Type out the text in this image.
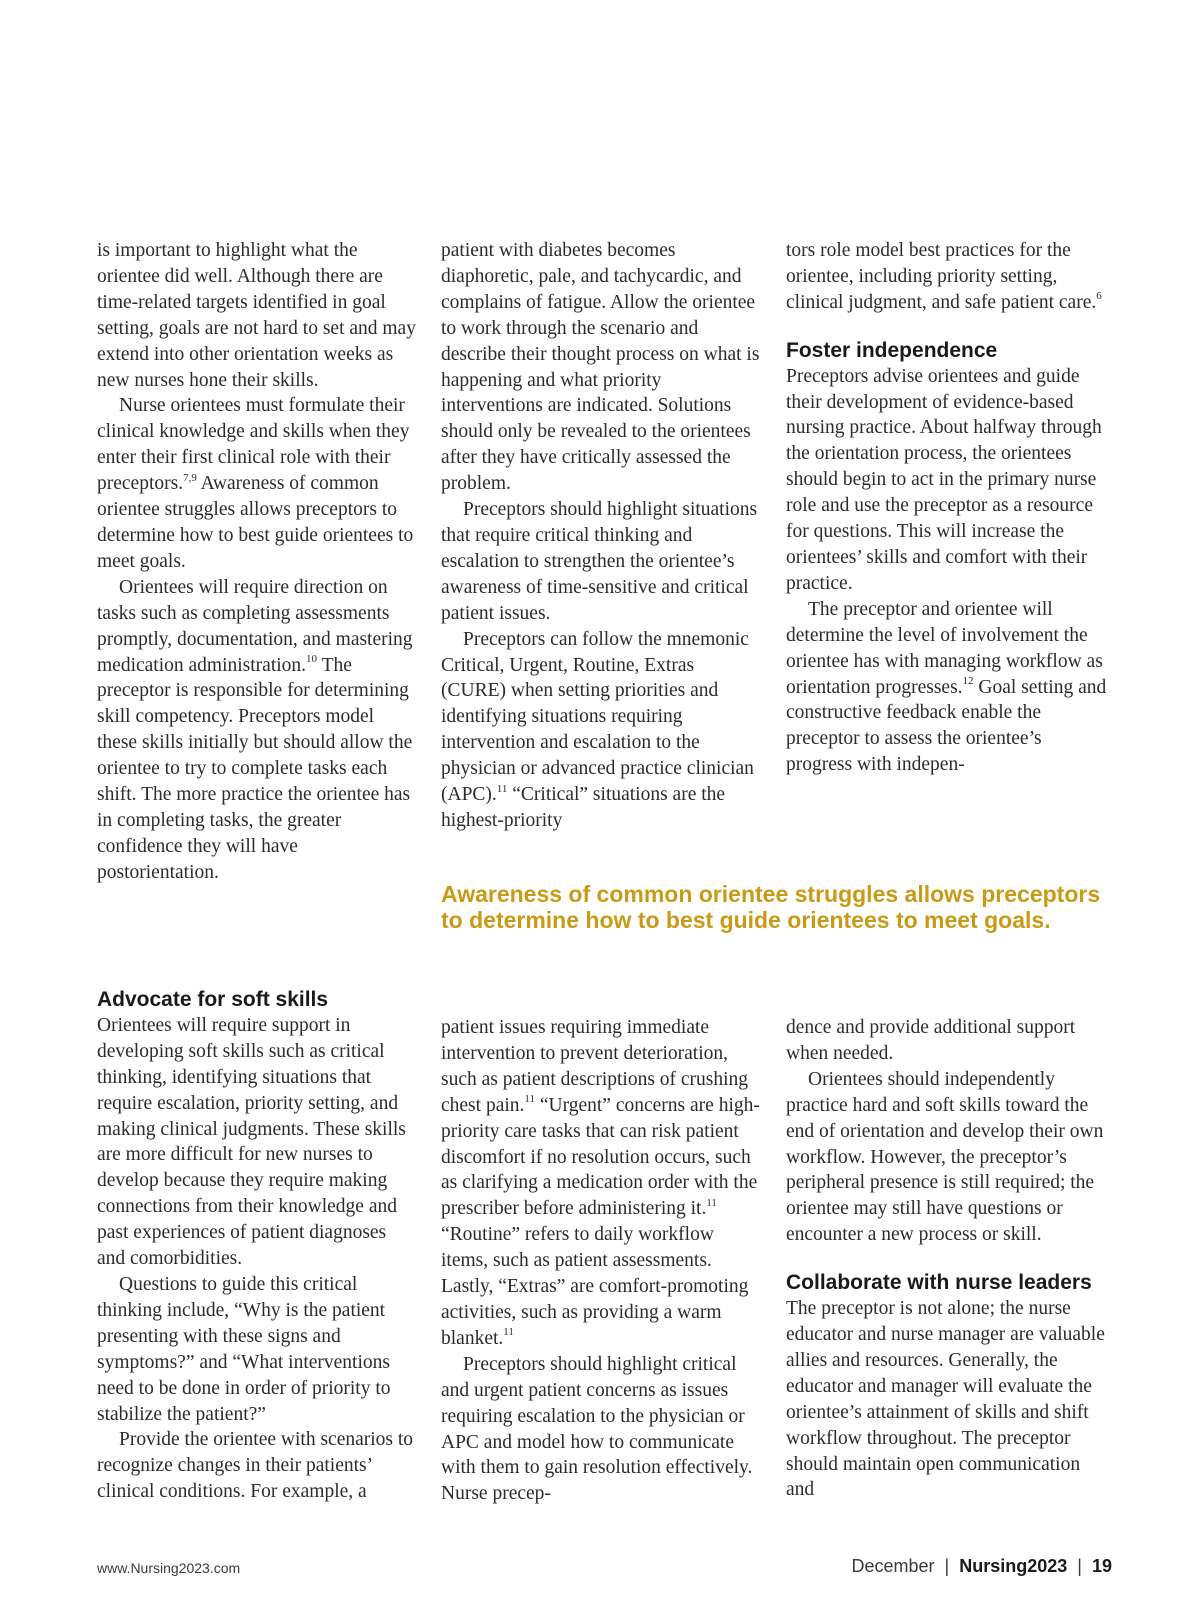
is important to highlight what the orientee did well. Although there are time-related targets identified in goal setting, goals are not hard to set and may extend into other orientation weeks as new nurses hone their skills.

Nurse orientees must formulate their clinical knowledge and skills when they enter their first clinical role with their preceptors.$^{7,9}$ Awareness of common orientee struggles allows preceptors to determine how to best guide orientees to meet goals.

Orientees will require direction on tasks such as completing assessments promptly, documentation, and mastering medication administration.$^{10}$ The preceptor is responsible for determining skill competency. Preceptors model these skills initially but should allow the orientee to try to complete tasks each shift. The more practice the orientee has in completing tasks, the greater confidence they will have postorientation.

patient with diabetes becomes diaphoretic, pale, and tachycardic, and complains of fatigue. Allow the orientee to work through the scenario and describe their thought process on what is happening and what priority interventions are indicated. Solutions should only be revealed to the orientees after they have critically assessed the problem.

Preceptors should highlight situations that require critical thinking and escalation to strengthen the orientee’s awareness of time-sensitive and critical patient issues.

Preceptors can follow the mnemonic Critical, Urgent, Routine, Extras (CURE) when setting priorities and identifying situations requiring intervention and escalation to the physician or advanced practice clinician (APC).$^{11}$ “Critical” situations are the highest-priority

tors role model best practices for the orientee, including priority setting, clinical judgment, and safe patient care.$^6$

Foster independence

Preceptors advise orientees and guide their development of evidence-based nursing practice. About halfway through the orientation process, the orientees should begin to act in the primary nurse role and use the preceptor as a resource for questions. This will increase the orientees’ skills and comfort with their practice.

The preceptor and orientee will determine the level of involvement the orientee has with managing workflow as orientation progresses.$^{12}$ Goal setting and constructive feedback enable the preceptor to assess the orientee’s progress with indepen-

Awareness of common orientee struggles allows preceptors to determine how to best guide orientees to meet goals.
Advocate for soft skills

Orientees will require support in developing soft skills such as critical thinking, identifying situations that require escalation, priority setting, and making clinical judgments. These skills are more difficult for new nurses to develop because they require making connections from their knowledge and past experiences of patient diagnoses and comorbidities.

Questions to guide this critical thinking include, “Why is the patient presenting with these signs and symptoms?” and “What interventions need to be done in order of priority to stabilize the patient?”

Provide the orientee with scenarios to recognize changes in their patients’ clinical conditions. For example, a

patient issues requiring immediate intervention to prevent deterioration, such as patient descriptions of crushing chest pain.$^{11}$ “Urgent” concerns are high-priority care tasks that can risk patient discomfort if no resolution occurs, such as clarifying a medication order with the prescriber before administering it.$^{11}$ “Routine” refers to daily workflow items, such as patient assessments. Lastly, “Extras” are comfort-promoting activities, such as providing a warm blanket.$^{11}$

Preceptors should highlight critical and urgent patient concerns as issues requiring escalation to the physician or APC and model how to communicate with them to gain resolution effectively. Nurse precep-

dence and provide additional support when needed.

Orientees should independently practice hard and soft skills toward the end of orientation and develop their own workflow. However, the preceptor’s peripheral presence is still required; the orientee may still have questions or encounter a new process or skill.

Collaborate with nurse leaders

The preceptor is not alone; the nurse educator and nurse manager are valuable allies and resources. Generally, the educator and manager will evaluate the orientee’s attainment of skills and shift workflow throughout. The preceptor should maintain open communication and

www.Nursing2023.com	December | Nursing2023 | 19
